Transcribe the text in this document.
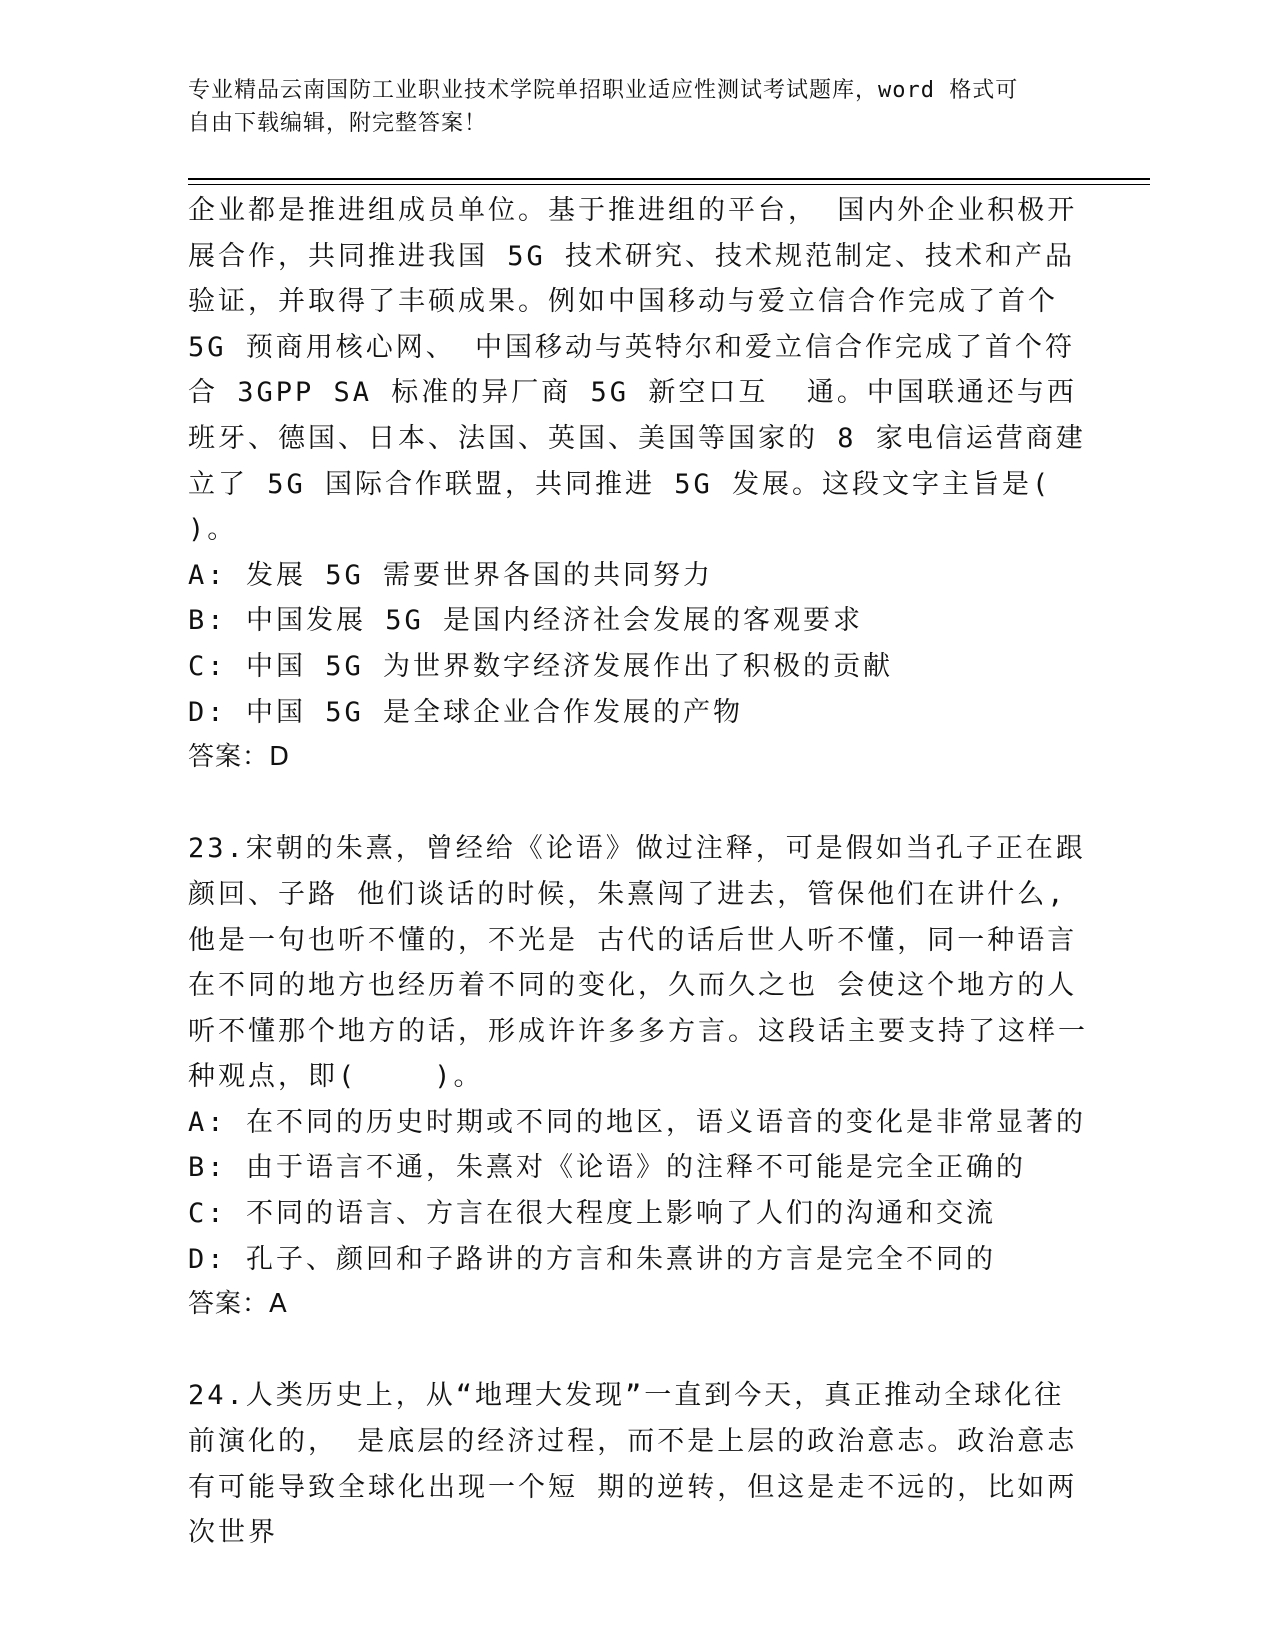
专业精品云南国防工业职业技术学院单招职业适应性测试考试题库，word 格式可
自由下载编辑，附完整答案！

企业都是推进组成员单位。基于推进组的平台， 国内外企业积极开展合作，共同推进我国 5G 技术研究、技术规范制定、技术和产品 验证，并取得了丰硕成果。例如中国移动与爱立信合作完成了首个 5G 预商用核心网、 中国移动与英特尔和爱立信合作完成了首个符合 3GPP SA 标准的异厂商 5G 新空口互  通。中国联通还与西班牙、德国、日本、法国、英国、美国等国家的 8 家电信运营商建立了 5G 国际合作联盟，共同推进 5G 发展。这段文字主旨是(    )。

A: 发展 5G 需要世界各国的共同努力
B: 中国发展 5G 是国内经济社会发展的客观要求
C: 中国 5G 为世界数字经济发展作出了积极的贡献
D: 中国 5G 是全球企业合作发展的产物
答案：D

23.宋朝的朱熹，曾经给《论语》做过注释，可是假如当孔子正在跟颜回、子路 他们谈话的时候，朱熹闯了进去，管保他们在讲什么,他是一句也听不懂的，不光是 古代的话后世人听不懂，同一种语言在不同的地方也经历着不同的变化，久而久之也 会使这个地方的人听不懂那个地方的话，形成许许多多方言。这段话主要支持了这样一种观点，即(    )。

A: 在不同的历史时期或不同的地区，语义语音的变化是非常显著的
B: 由于语言不通，朱熹对《论语》的注释不可能是完全正确的
C: 不同的语言、方言在很大程度上影响了人们的沟通和交流
D: 孔子、颜回和子路讲的方言和朱熹讲的方言是完全不同的
答案：A

24.人类历史上，从“地理大发现”一直到今天，真正推动全球化往前演化的， 是底层的经济过程，而不是上层的政治意志。政治意志有可能导致全球化出现一个短 期的逆转，但这是走不远的，比如两次世界
